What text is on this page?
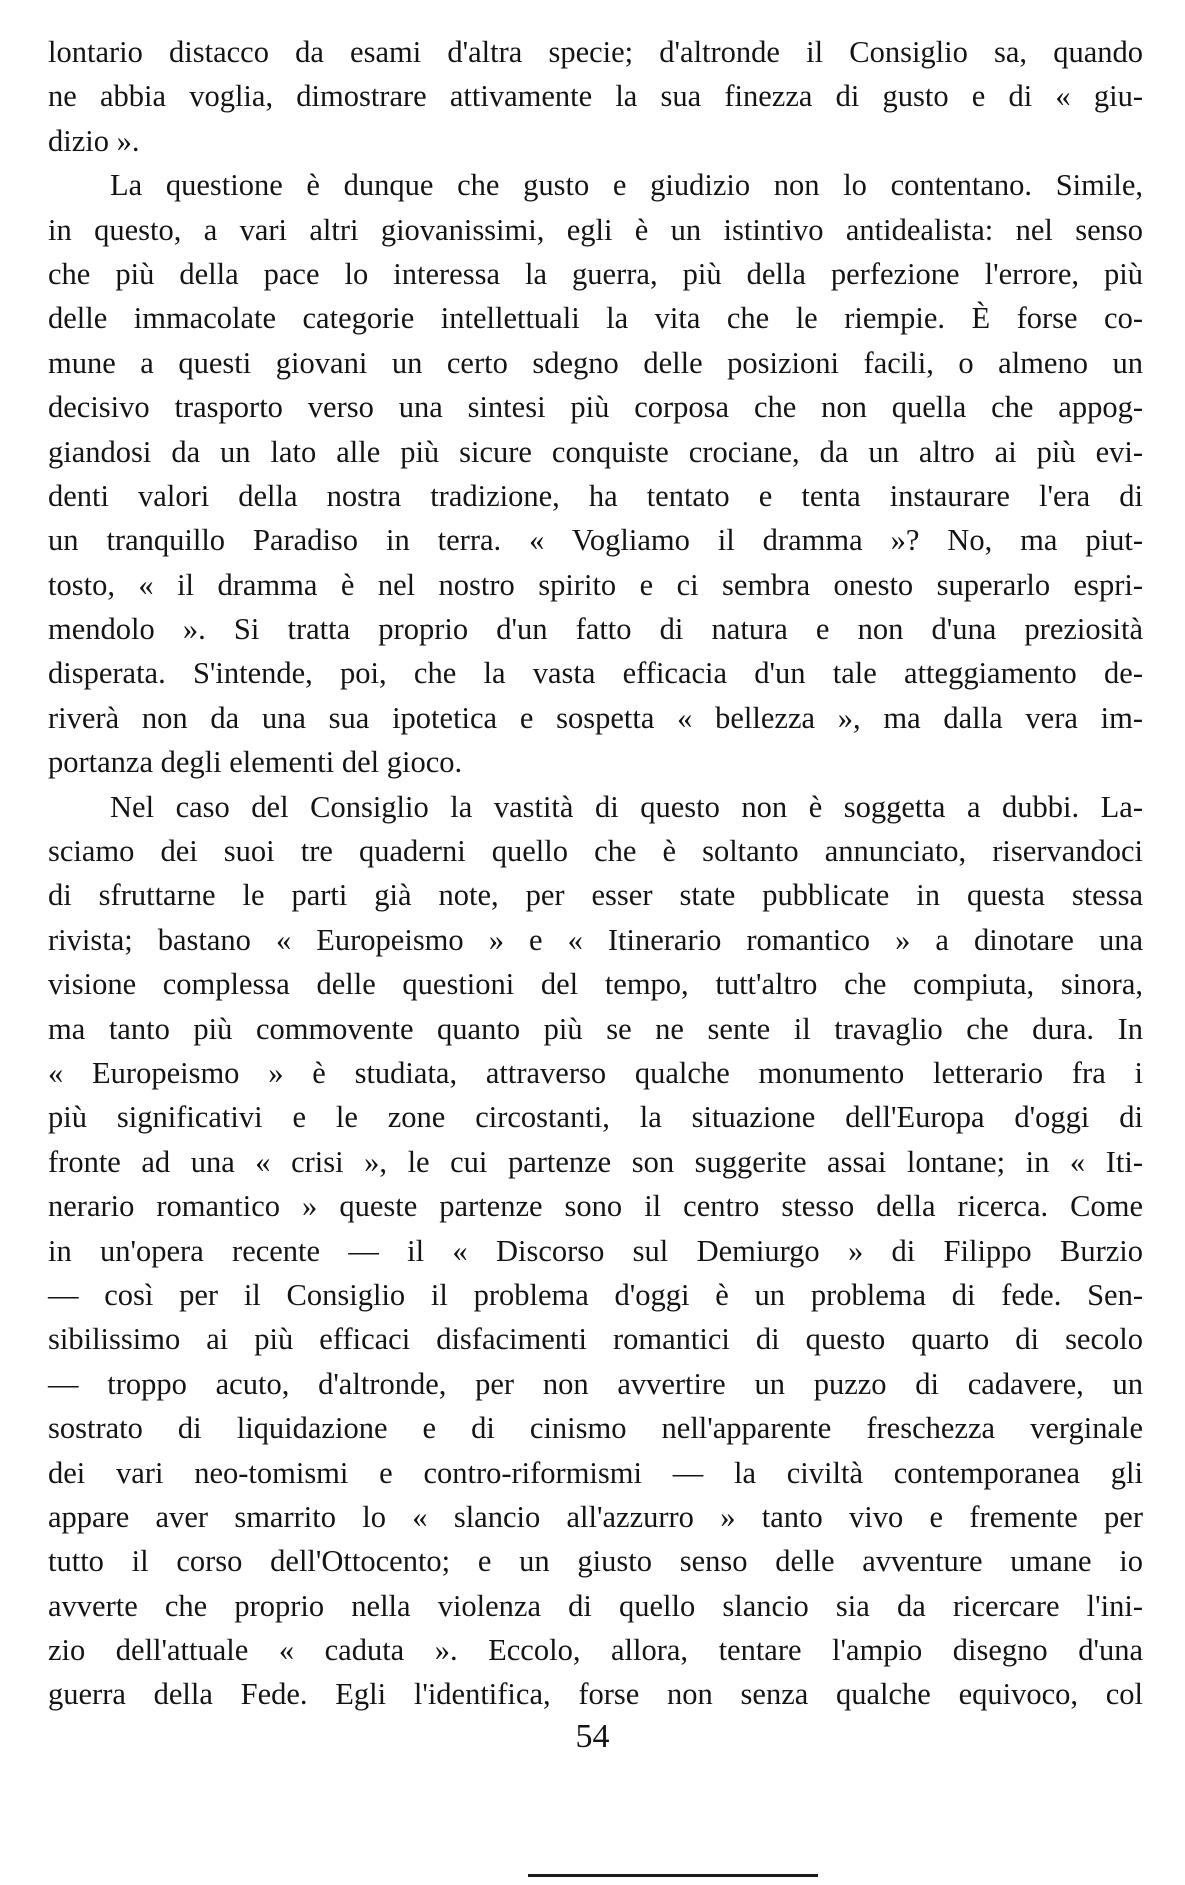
lontario distacco da esami d'altra specie; d'altronde il Consiglio sa, quando
ne abbia voglia, dimostrare attivamente la sua finezza di gusto e di « giu-
dizio ».
La questione è dunque che gusto e giudizio non lo contentano. Simile,
in questo, a vari altri giovanissimi, egli è un istintivo antidealista: nel senso
che più della pace lo interessa la guerra, più della perfezione l'errore, più
delle immacolate categorie intellettuali la vita che le riempie. È forse co-
mune a questi giovani un certo sdegno delle posizioni facili, o almeno un
decisivo trasporto verso una sintesi più corposa che non quella che appog-
giandosi da un lato alle più sicure conquiste crociane, da un altro ai più evi-
denti valori della nostra tradizione, ha tentato e tenta instaurare l'era di
un tranquillo Paradiso in terra. « Vogliamo il dramma »? No, ma piut-
tosto, « il dramma è nel nostro spirito e ci sembra onesto superarlo espri-
mendolo ». Si tratta proprio d'un fatto di natura e non d'una preziosità
disperata. S'intende, poi, che la vasta efficacia d'un tale atteggiamento de-
riverà non da una sua ipotetica e sospetta « bellezza », ma dalla vera im-
portanza degli elementi del gioco.
Nel caso del Consiglio la vastità di questo non è soggetta a dubbi. La-
sciamo dei suoi tre quaderni quello che è soltanto annunciato, riservandoci
di sfruttarne le parti già note, per esser state pubblicate in questa stessa
rivista; bastano « Europeismo » e « Itinerario romantico » a dinotare una
visione complessa delle questioni del tempo, tutt'altro che compiuta, sinora,
ma tanto più commovente quanto più se ne sente il travaglio che dura. In
« Europeismo » è studiata, attraverso qualche monumento letterario fra i
più significativi e le zone circostanti, la situazione dell'Europa d'oggi di
fronte ad una « crisi », le cui partenze son suggerite assai lontane; in « Iti-
nerario romantico » queste partenze sono il centro stesso della ricerca. Come
in un'opera recente — il « Discorso sul Demiurgo » di Filippo Burzio
— così per il Consiglio il problema d'oggi è un problema di fede. Sen-
sibilissimo ai più efficaci disfacimenti romantici di questo quarto di secolo
— troppo acuto, d'altronde, per non avvertire un puzzo di cadavere, un
sostrato di liquidazione e di cinismo nell'apparente freschezza verginale
dei vari neo-tomismi e contro-riformismi — la civiltà contemporanea gli
appare aver smarrito lo « slancio all'azzurro » tanto vivo e fremente per
tutto il corso dell'Ottocento; e un giusto senso delle avventure umane io
avverte che proprio nella violenza di quello slancio sia da ricercare l'ini-
zio dell'attuale « caduta ». Eccolo, allora, tentare l'ampio disegno d'una
guerra della Fede. Egli l'identifica, forse non senza qualche equivoco, col
54
